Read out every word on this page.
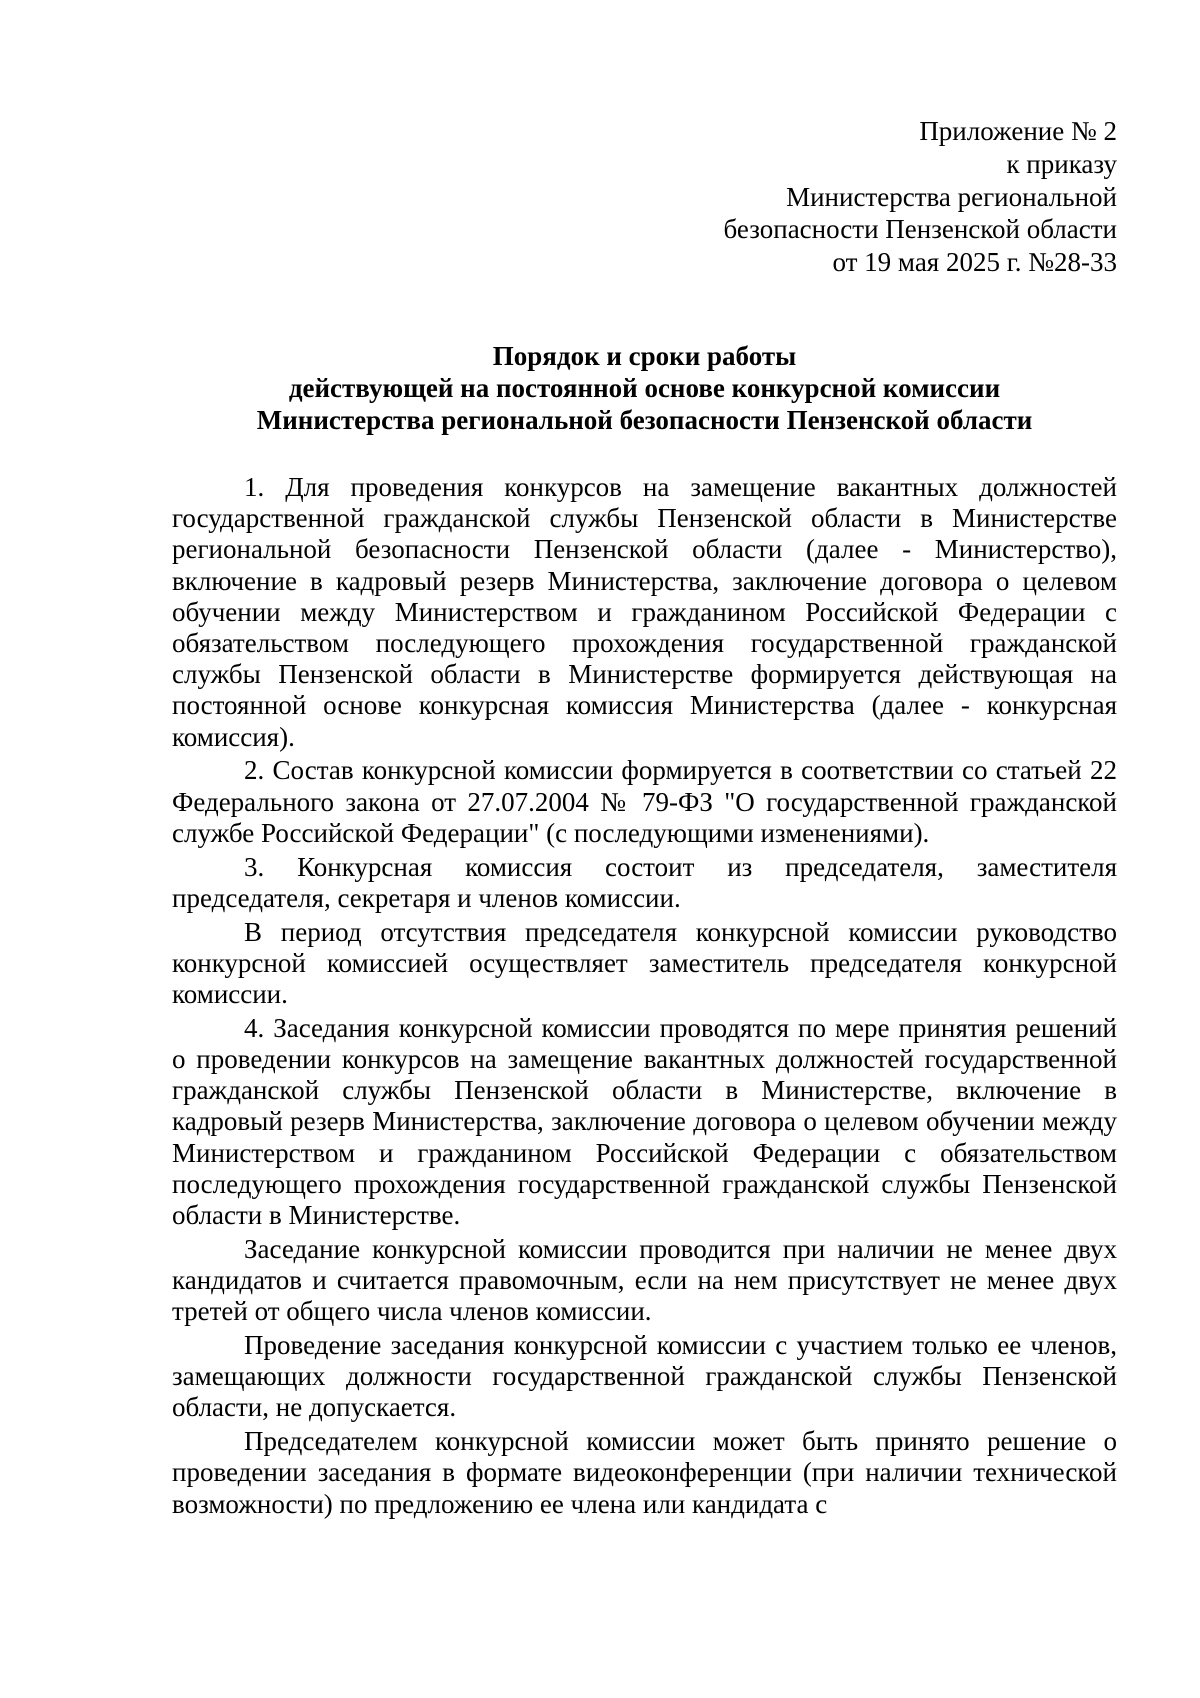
Приложение № 2
к приказу
Министерства региональной
безопасности Пензенской области
от 19 мая 2025 г. №28-33
Порядок и сроки работы
действующей на постоянной основе конкурсной комиссии
Министерства региональной безопасности Пензенской области

1. Для проведения конкурсов на замещение вакантных должностей государственной гражданской службы Пензенской области в Министерстве региональной безопасности Пензенской области (далее - Министерство), включение в кадровый резерв Министерства, заключение договора о целевом обучении между Министерством и гражданином Российской Федерации с обязательством последующего прохождения государственной гражданской службы Пензенской области в Министерстве формируется действующая на постоянной основе конкурсная комиссия Министерства (далее - конкурсная комиссия).

2. Состав конкурсной комиссии формируется в соответствии со статьей 22 Федерального закона от 27.07.2004 № 79-ФЗ "О государственной гражданской службе Российской Федерации" (с последующими изменениями).

3. Конкурсная комиссия состоит из председателя, заместителя председателя, секретаря и членов комиссии.

В период отсутствия председателя конкурсной комиссии руководство конкурсной комиссией осуществляет заместитель председателя конкурсной комиссии.

4. Заседания конкурсной комиссии проводятся по мере принятия решений о проведении конкурсов на замещение вакантных должностей государственной гражданской службы Пензенской области в Министерстве, включение в кадровый резерв Министерства, заключение договора о целевом обучении между Министерством и гражданином Российской Федерации с обязательством последующего прохождения государственной гражданской службы Пензенской области в Министерстве.

Заседание конкурсной комиссии проводится при наличии не менее двух кандидатов и считается правомочным, если на нем присутствует не менее двух третей от общего числа членов комиссии.

Проведение заседания конкурсной комиссии с участием только ее членов, замещающих должности государственной гражданской службы Пензенской области, не допускается.

Председателем конкурсной комиссии может быть принято решение о проведении заседания в формате видеоконференции (при наличии технической возможности) по предложению ее члена или кандидата с
